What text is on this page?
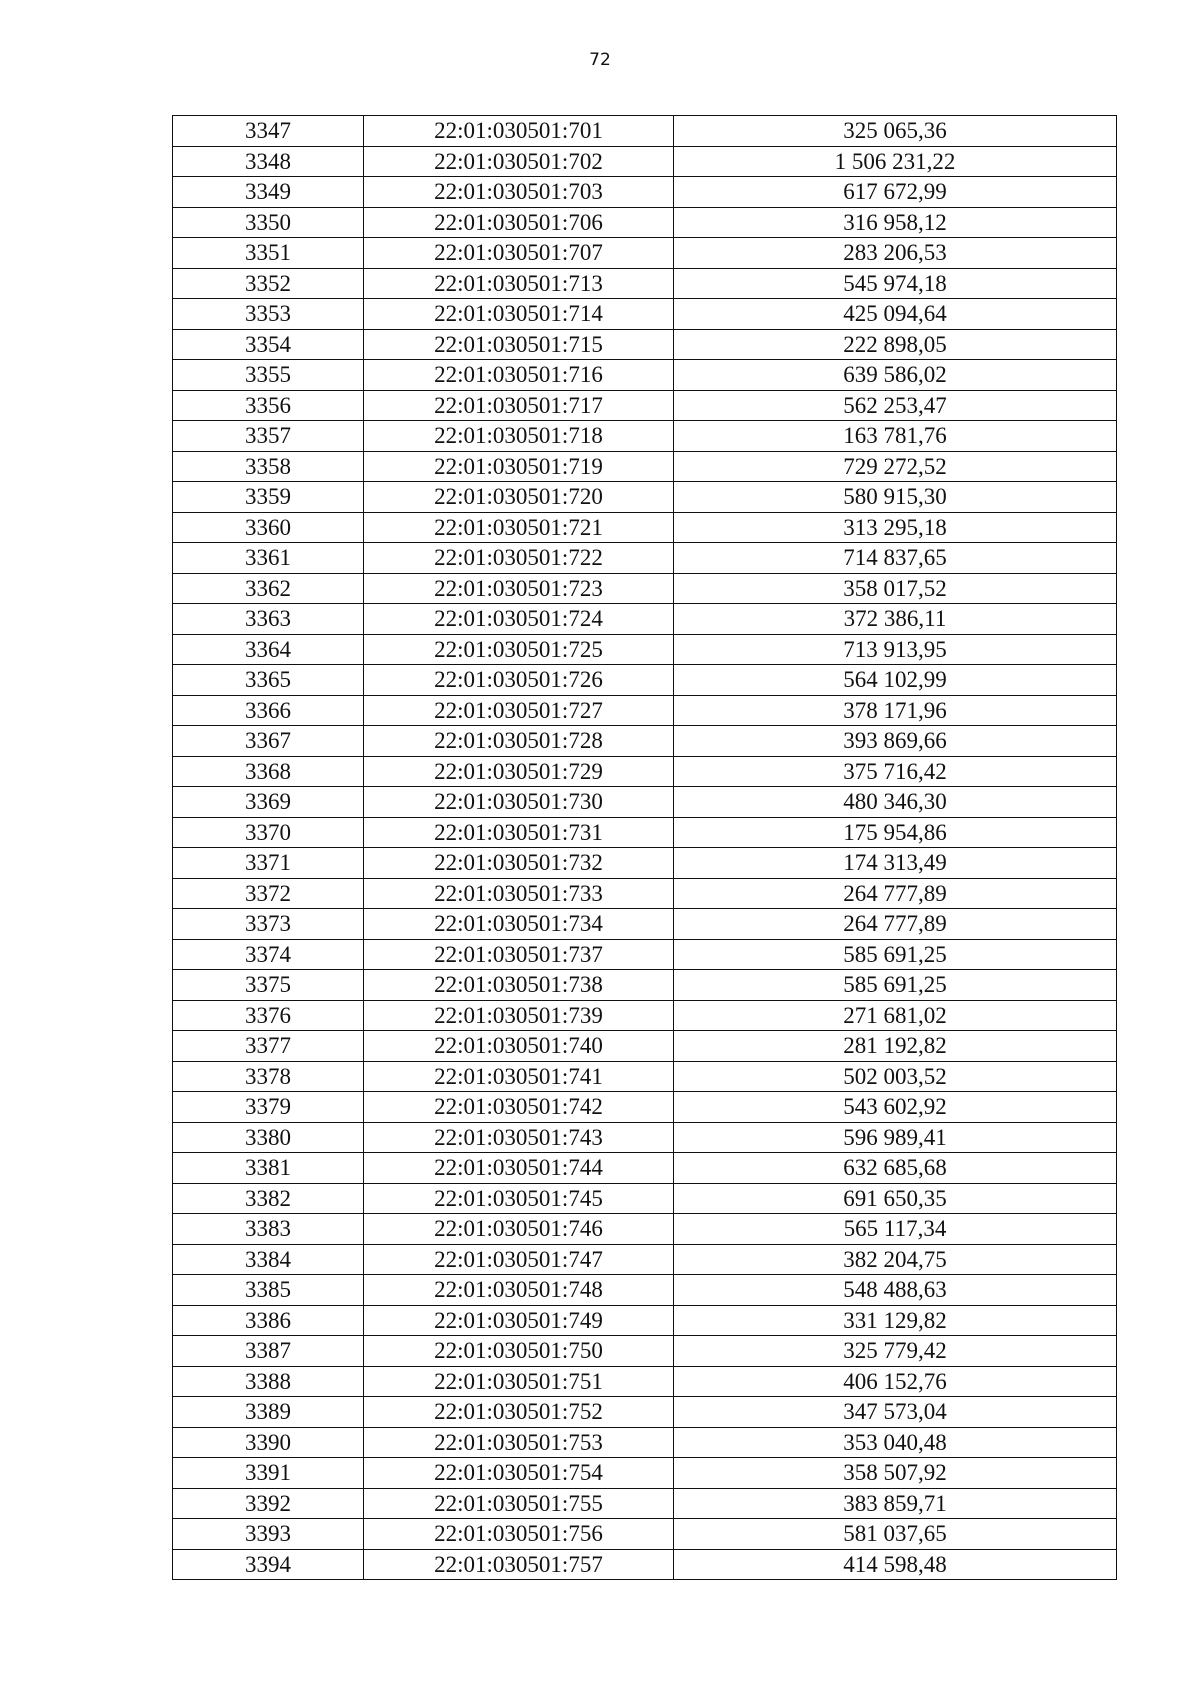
72
3347	22:01:030501:701	325 065,36
3348	22:01:030501:702	1 506 231,22
3349	22:01:030501:703	617 672,99
3350	22:01:030501:706	316 958,12
3351	22:01:030501:707	283 206,53
3352	22:01:030501:713	545 974,18
3353	22:01:030501:714	425 094,64
3354	22:01:030501:715	222 898,05
3355	22:01:030501:716	639 586,02
3356	22:01:030501:717	562 253,47
3357	22:01:030501:718	163 781,76
3358	22:01:030501:719	729 272,52
3359	22:01:030501:720	580 915,30
3360	22:01:030501:721	313 295,18
3361	22:01:030501:722	714 837,65
3362	22:01:030501:723	358 017,52
3363	22:01:030501:724	372 386,11
3364	22:01:030501:725	713 913,95
3365	22:01:030501:726	564 102,99
3366	22:01:030501:727	378 171,96
3367	22:01:030501:728	393 869,66
3368	22:01:030501:729	375 716,42
3369	22:01:030501:730	480 346,30
3370	22:01:030501:731	175 954,86
3371	22:01:030501:732	174 313,49
3372	22:01:030501:733	264 777,89
3373	22:01:030501:734	264 777,89
3374	22:01:030501:737	585 691,25
3375	22:01:030501:738	585 691,25
3376	22:01:030501:739	271 681,02
3377	22:01:030501:740	281 192,82
3378	22:01:030501:741	502 003,52
3379	22:01:030501:742	543 602,92
3380	22:01:030501:743	596 989,41
3381	22:01:030501:744	632 685,68
3382	22:01:030501:745	691 650,35
3383	22:01:030501:746	565 117,34
3384	22:01:030501:747	382 204,75
3385	22:01:030501:748	548 488,63
3386	22:01:030501:749	331 129,82
3387	22:01:030501:750	325 779,42
3388	22:01:030501:751	406 152,76
3389	22:01:030501:752	347 573,04
3390	22:01:030501:753	353 040,48
3391	22:01:030501:754	358 507,92
3392	22:01:030501:755	383 859,71
3393	22:01:030501:756	581 037,65
3394	22:01:030501:757	414 598,48
